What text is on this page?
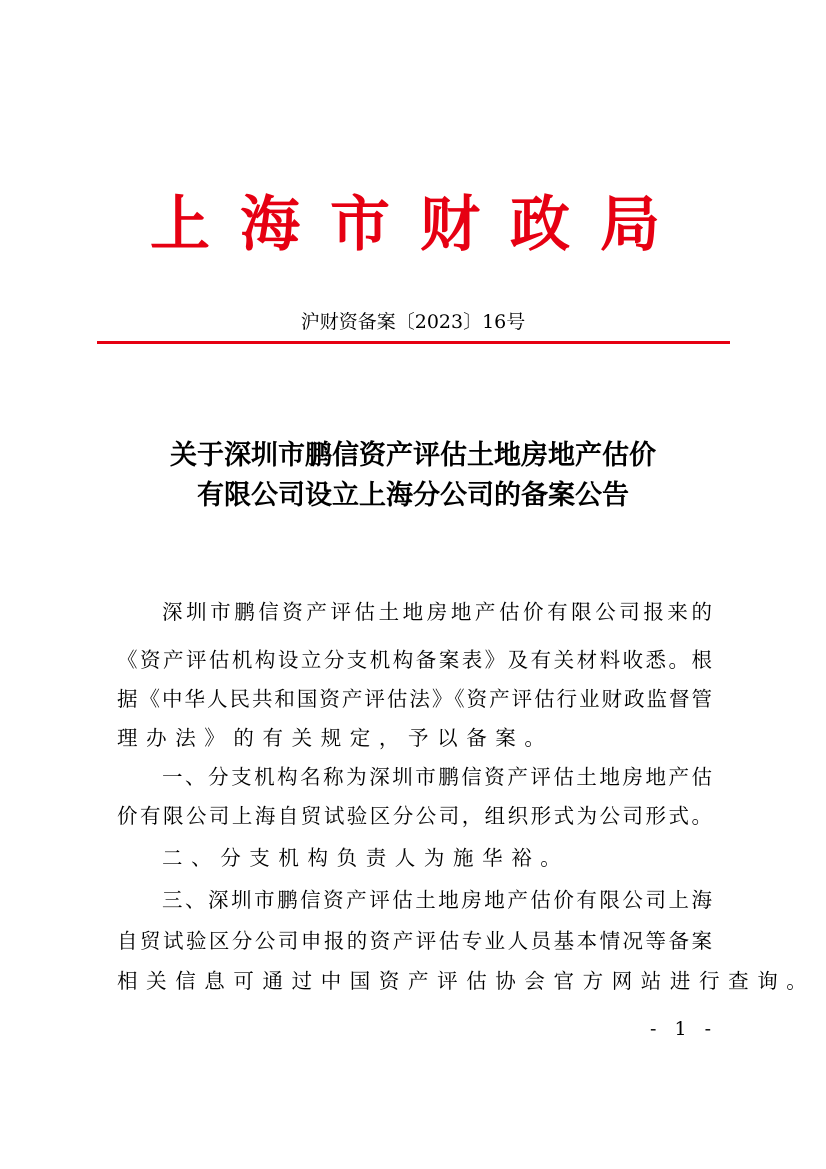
上海市财政局
沪财资备案〔2023〕16号
关于深圳市鹏信资产评估土地房地产估价
有限公司设立上海分公司的备案公告
深圳市鹏信资产评估土地房地产估价有限公司报来的
《资产评估机构设立分支机构备案表》及有关材料收悉。根
据《中华人民共和国资产评估法》《资产评估行业财政监督管
理办法》的有关规定，予以备案。
一、分支机构名称为深圳市鹏信资产评估土地房地产估
价有限公司上海自贸试验区分公司，组织形式为公司形式。
二、分支机构负责人为施华裕。
三、深圳市鹏信资产评估土地房地产估价有限公司上海
自贸试验区分公司申报的资产评估专业人员基本情况等备案
相关信息可通过中国资产评估协会官方网站进行查询。
- 1 -
